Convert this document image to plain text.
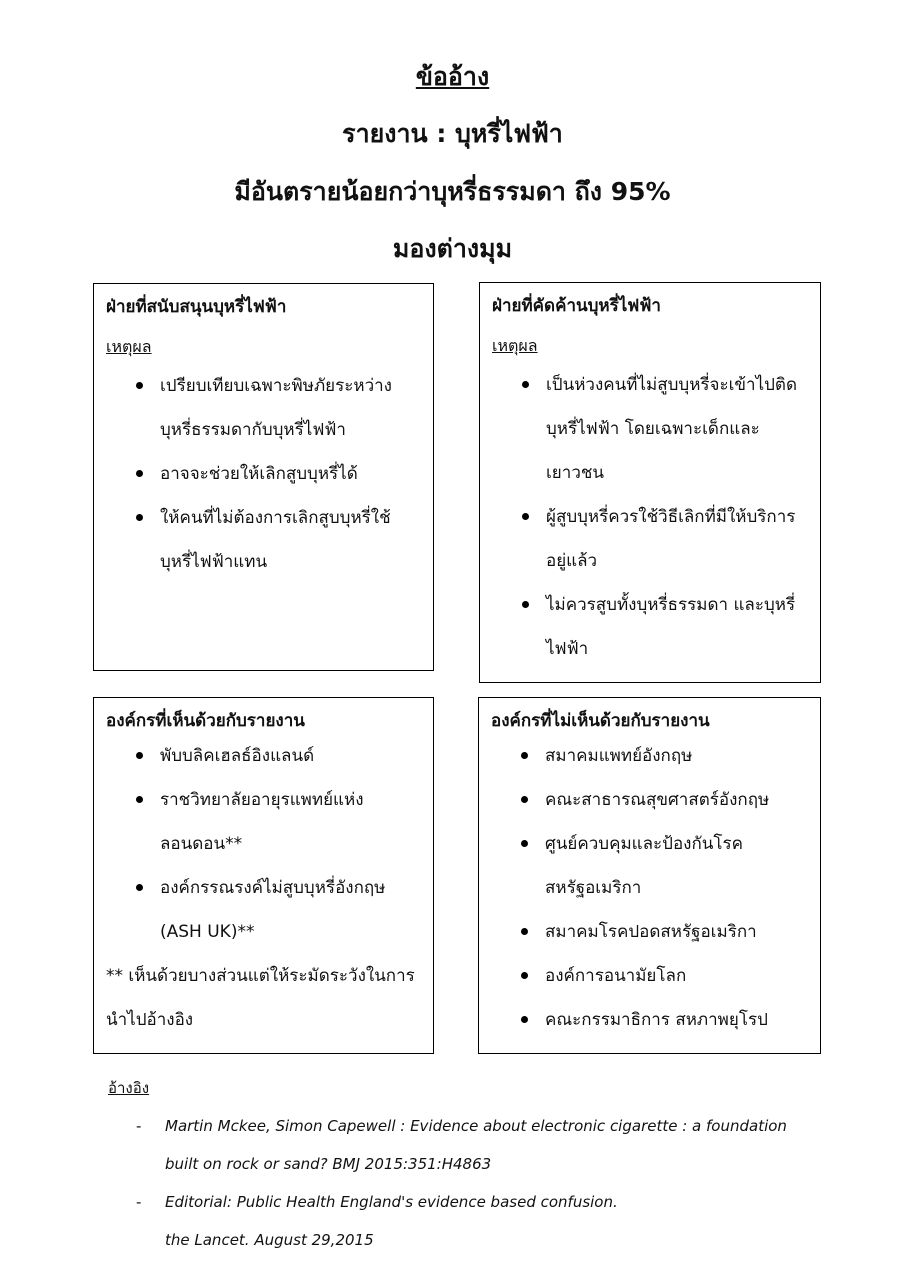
ข้ออ้าง
รายงาน : บุหรี่ไฟฟ้า
มีอันตรายน้อยกว่าบุหรี่ธรรมดา ถึง 95%
มองต่างมุม
ฝ่ายที่สนับสนุนบุหรี่ไฟฟ้า
เหตุผล
เปรียบเทียบเฉพาะพิษภัยระหว่าง
บุหรี่ธรรมดากับบุหรี่ไฟฟ้า
อาจจะช่วยให้เลิกสูบบุหรี่ได้
ให้คนที่ไม่ต้องการเลิกสูบบุหรี่ใช้
บุหรี่ไฟฟ้าแทน
ฝ่ายที่คัดค้านบุหรี่ไฟฟ้า
เหตุผล
เป็นห่วงคนที่ไม่สูบบุหรี่จะเข้าไปติด
บุหรี่ไฟฟ้า โดยเฉพาะเด็กและ
เยาวชน
ผู้สูบบุหรี่ควรใช้วิธีเลิกที่มีให้บริการ
อยู่แล้ว
ไม่ควรสูบทั้งบุหรี่ธรรมดา และบุหรี่
ไฟฟ้า
องค์กรที่เห็นด้วยกับรายงาน
พับบลิคเฮลธ์อิงแลนด์
ราชวิทยาลัยอายุรแพทย์แห่ง
ลอนดอน**
องค์กรรณรงค์ไม่สูบบุหรี่อังกฤษ
(ASH UK)**
** เห็นด้วยบางส่วนแต่ให้ระมัดระวังในการ
นำไปอ้างอิง
องค์กรที่ไม่เห็นด้วยกับรายงาน
สมาคมแพทย์อังกฤษ
คณะสาธารณสุขศาสตร์อังกฤษ
ศูนย์ควบคุมและป้องกันโรค
สหรัฐอเมริกา
สมาคมโรคปอดสหรัฐอเมริกา
องค์การอนามัยโลก
คณะกรรมาธิการ สหภาพยุโรป
อ้างอิง
- Martin Mckee, Simon Capewell : Evidence about electronic cigarette : a foundation
built on rock or sand? BMJ 2015:351:H4863
- Editorial: Public Health England's evidence based confusion.
the Lancet. August 29,2015
